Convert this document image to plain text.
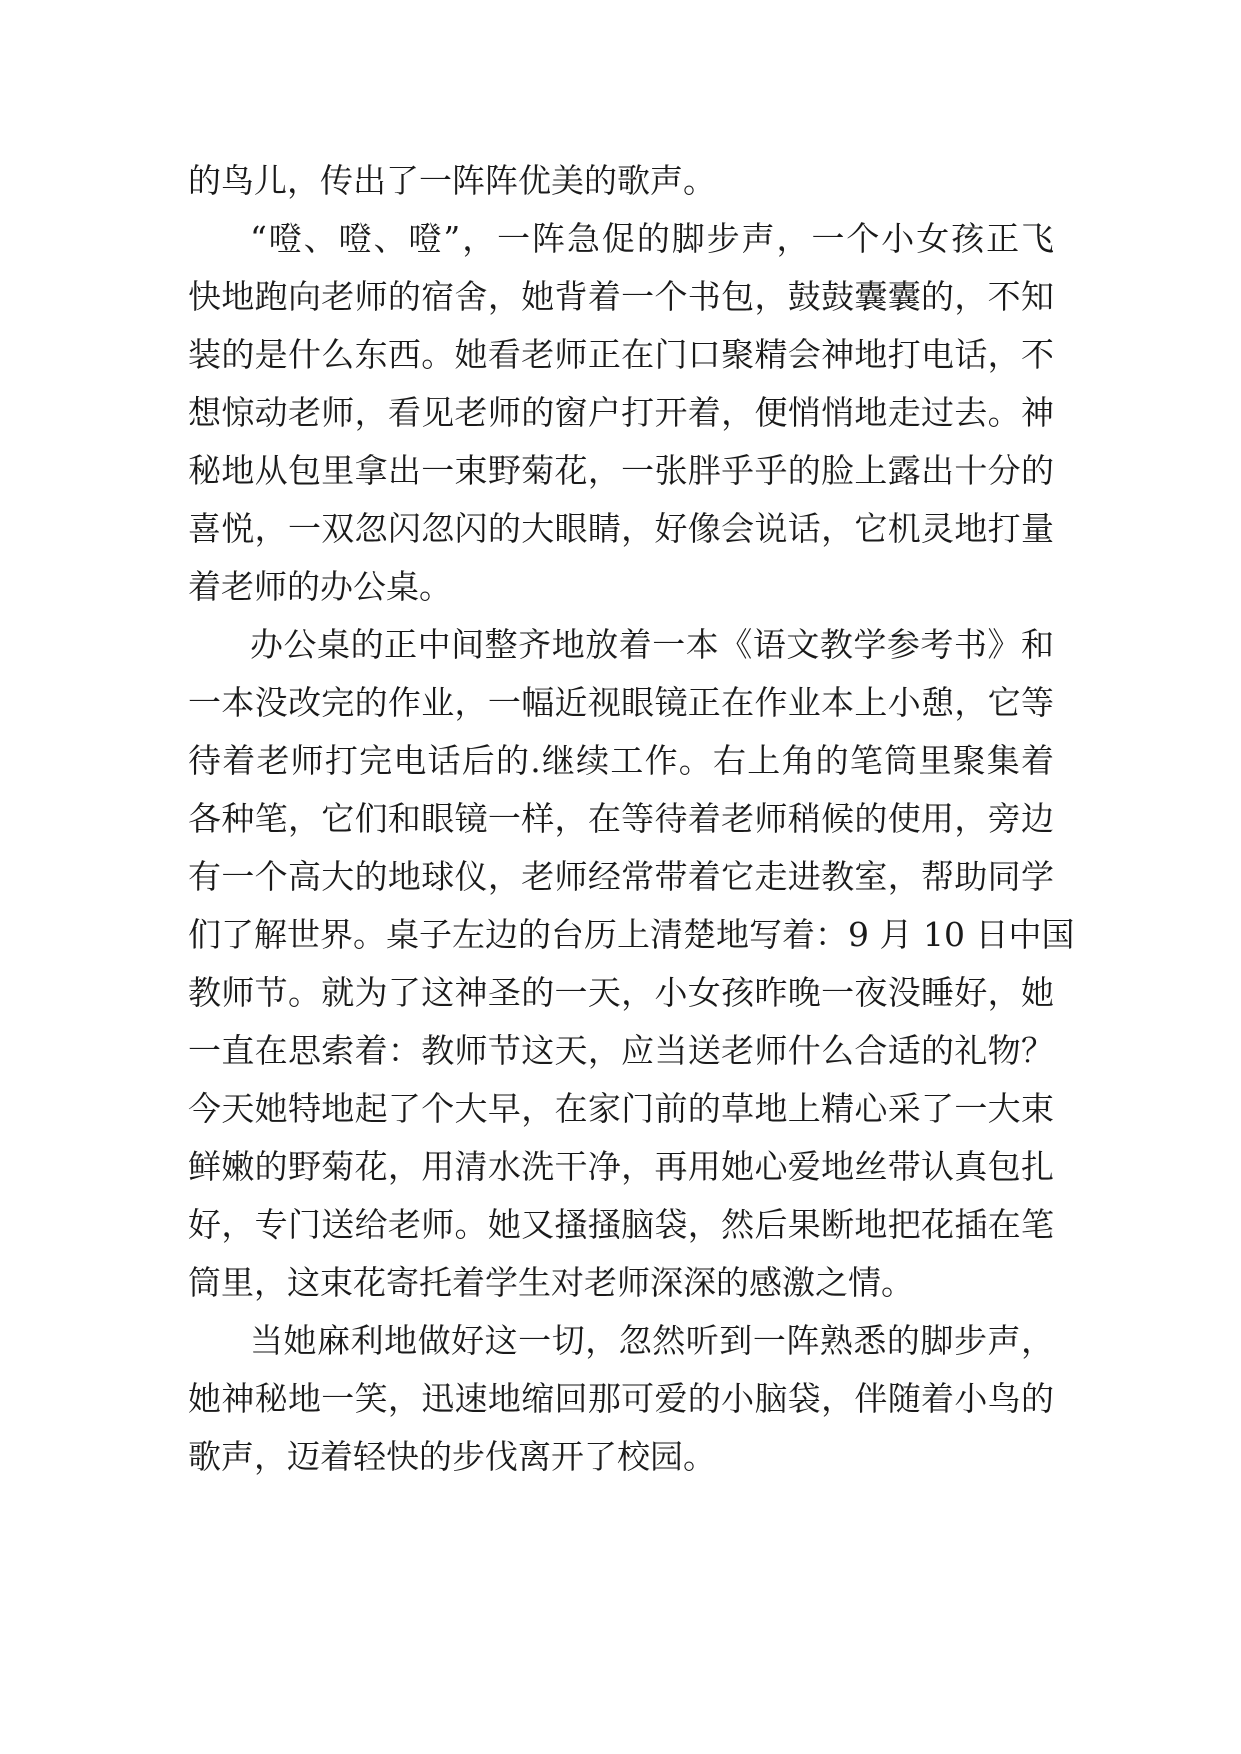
的鸟儿，传出了一阵阵优美的歌声。
“噔、噔、噔”，一阵急促的脚步声，一个小女孩正飞
快地跑向老师的宿舍，她背着一个书包，鼓鼓囊囊的，不知
装的是什么东西。她看老师正在门口聚精会神地打电话，不
想惊动老师，看见老师的窗户打开着，便悄悄地走过去。神
秘地从包里拿出一束野菊花，一张胖乎乎的脸上露出十分的
喜悦，一双忽闪忽闪的大眼睛，好像会说话，它机灵地打量
着老师的办公桌。
办公桌的正中间整齐地放着一本《语文教学参考书》和
一本没改完的作业，一幅近视眼镜正在作业本上小憩，它等
待着老师打完电话后的.继续工作。右上角的笔筒里聚集着
各种笔，它们和眼镜一样，在等待着老师稍候的使用，旁边
有一个高大的地球仪，老师经常带着它走进教室，帮助同学
们了解世界。桌子左边的台历上清楚地写着：9 月 10 日中国
教师节。就为了这神圣的一天，小女孩昨晚一夜没睡好，她
一直在思索着：教师节这天，应当送老师什么合适的礼物？
今天她特地起了个大早，在家门前的草地上精心采了一大束
鲜嫩的野菊花，用清水洗干净，再用她心爱地丝带认真包扎
好，专门送给老师。她又搔搔脑袋，然后果断地把花插在笔
筒里，这束花寄托着学生对老师深深的感激之情。
当她麻利地做好这一切，忽然听到一阵熟悉的脚步声，
她神秘地一笑，迅速地缩回那可爱的小脑袋，伴随着小鸟的
歌声，迈着轻快的步伐离开了校园。
